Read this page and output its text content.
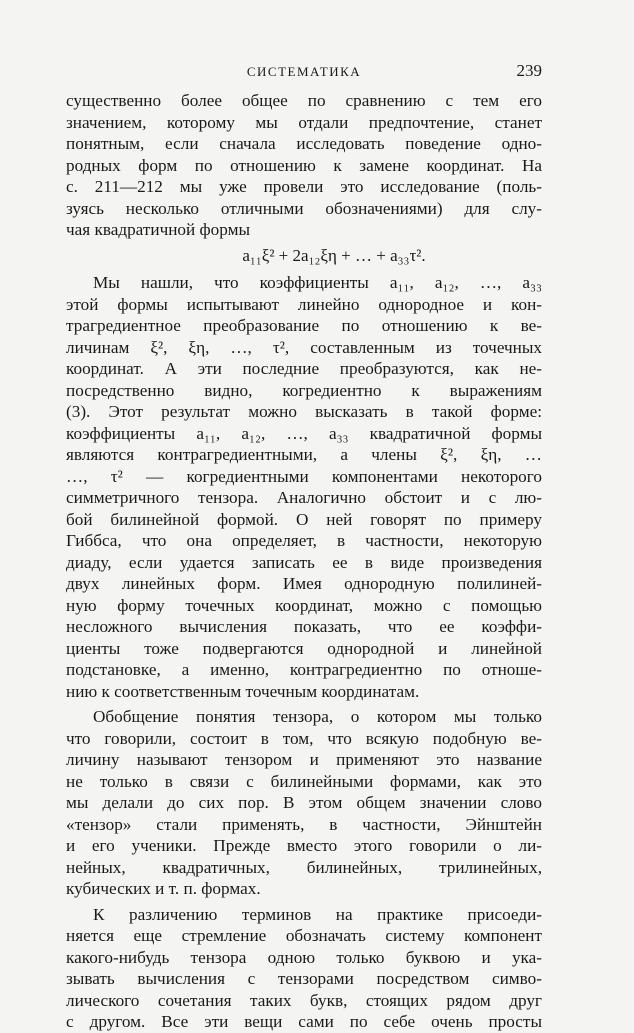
СИСТЕМАТИКА	239
существенно более общее по сравнению с тем его
значением, которому мы отдали предпочтение, станет
понятным, если сначала исследовать поведение одно-
родных форм по отношению к замене координат. На
с. 211—212 мы уже провели это исследование (поль-
зуясь несколько отличными обозначениями) для слу-
чая квадратичной формы
a₁₁ξ² + 2a₁₂ξη + … + a₃₃τ².
Мы нашли, что коэффициенты a₁₁, a₁₂, …, a₃₃
этой формы испытывают линейно однородное и кон-
трагредиентное преобразование по отношению к ве-
личинам ξ², ξη, …, τ², составленным из точечных
координат. А эти последние преобразуются, как не-
посредственно видно, когредиентно к выражениям
(3). Этот результат можно высказать в такой форме:
коэффициенты a₁₁, a₁₂, …, a₃₃ квадратичной формы
являются контрагредиентными, а члены ξ², ξη, …
…, τ² — когредиентными компонентами некоторого
симметричного тензора. Аналогично обстоит и с лю-
бой билинейной формой. О ней говорят по примеру
Гиббса, что она определяет, в частности, некоторую
диаду, если удается записать ее в виде произведения
двух линейных форм. Имея однородную полилиней-
ную форму точечных координат, можно с помощью
несложного вычисления показать, что ее коэффи-
циенты тоже подвергаются однородной и линейной
подстановке, а именно, контрагредиентно по отноше-
нию к соответственным точечным координатам.
Обобщение понятия тензора, о котором мы только
что говорили, состоит в том, что всякую подобную ве-
личину называют тензором и применяют это название
не только в связи с билинейными формами, как это
мы делали до сих пор. В этом общем значении слово
«тензор» стали применять, в частности, Эйнштейн
и его ученики. Прежде вместо этого говорили о ли-
нейных, квадратичных, билинейных, трилинейных,
кубических и т. п. формах.
К различению терминов на практике присоеди-
няется еще стремление обозначать систему компонент
какого-нибудь тензора одною только буквою и ука-
зывать вычисления с тензорами посредством симво-
лического сочетания таких букв, стоящих рядом друг
с другом. Все эти вещи сами по себе очень просты
